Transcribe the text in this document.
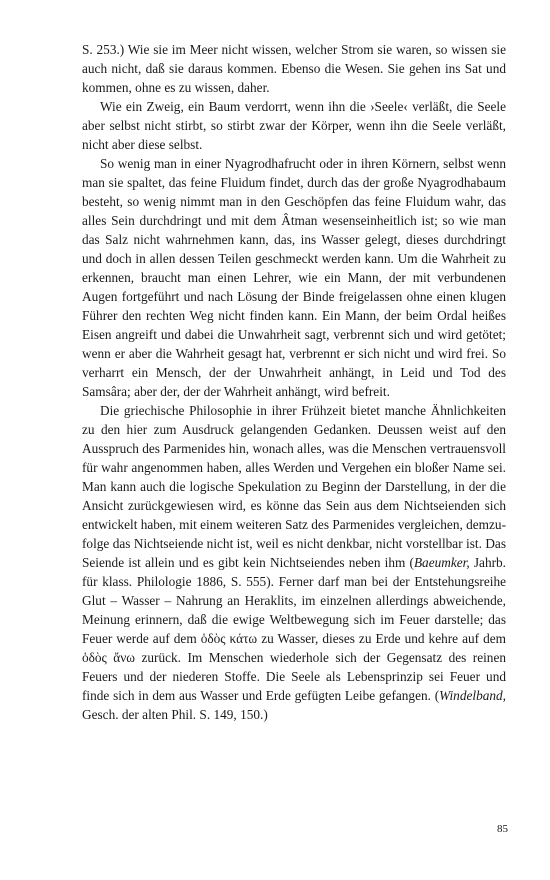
S. 253.) Wie sie im Meer nicht wissen, welcher Strom sie waren, so wissen sie auch nicht, daß sie daraus kommen. Ebenso die Wesen. Sie gehen ins Sat und kommen, ohne es zu wissen, daher.

Wie ein Zweig, ein Baum verdorrt, wenn ihn die ›Seele‹ verläßt, die Seele aber selbst nicht stirbt, so stirbt zwar der Körper, wenn ihn die Seele verläßt, nicht aber diese selbst.

So wenig man in einer Nyagrodhafrucht oder in ihren Körnern, selbst wenn man sie spaltet, das feine Fluidum findet, durch das der große Nyagrodhabaum besteht, so wenig nimmt man in den Geschöpfen das feine Fluidum wahr, das alles Sein durchdringt und mit dem Âtman wesenseinheitlich ist; so wie man das Salz nicht wahrnehmen kann, das, ins Wasser gelegt, dieses durchdringt und doch in allen dessen Teilen geschmeckt werden kann. Um die Wahrheit zu erkennen, braucht man einen Lehrer, wie ein Mann, der mit verbundenen Augen fortgeführt und nach Lösung der Binde freigelassen ohne einen klugen Führer den rechten Weg nicht finden kann. Ein Mann, der beim Ordal heißes Eisen angreift und dabei die Unwahrheit sagt, verbrennt sich und wird getötet; wenn er aber die Wahrheit gesagt hat, verbrennt er sich nicht und wird frei. So verharrt ein Mensch, der der Unwahrheit anhängt, in Leid und Tod des Samsâra; aber der, der der Wahrheit anhängt, wird befreit.

Die griechische Philosophie in ihrer Frühzeit bietet manche Ähnlichkeiten zu den hier zum Ausdruck gelangenden Gedanken. Deussen weist auf den Ausspruch des Parmenides hin, wonach alles, was die Menschen vertrauensvoll für wahr angenommen haben, alles Werden und Vergehen ein bloßer Name sei. Man kann auch die logische Spekulation zu Beginn der Darstellung, in der die Ansicht zurückgewiesen wird, es könne das Sein aus dem Nichtseienden sich entwickelt haben, mit einem weiteren Satz des Parmenides vergleichen, demzufolge das Nichtseiende nicht ist, weil es nicht denkbar, nicht vorstellbar ist. Das Seiende ist allein und es gibt kein Nichtseiendes neben ihm (Baeumker, Jahrb. für klass. Philologie 1886, S. 555). Ferner darf man bei der Entstehungsreihe Glut – Wasser – Nahrung an Heraklits, im einzelnen allerdings abweichende, Meinung erinnern, daß die ewige Weltbewegung sich im Feuer darstelle; das Feuer werde auf dem ὁδὸς κάτω zu Wasser, dieses zu Erde und kehre auf dem ὁδὸς ἄνω zurück. Im Menschen wiederhole sich der Gegensatz des reinen Feuers und der niederen Stoffe. Die Seele als Lebensprinzip sei Feuer und finde sich in dem aus Wasser und Erde gefügten Leibe gefangen. (Windelband, Gesch. der alten Phil. S. 149, 150.)

85
